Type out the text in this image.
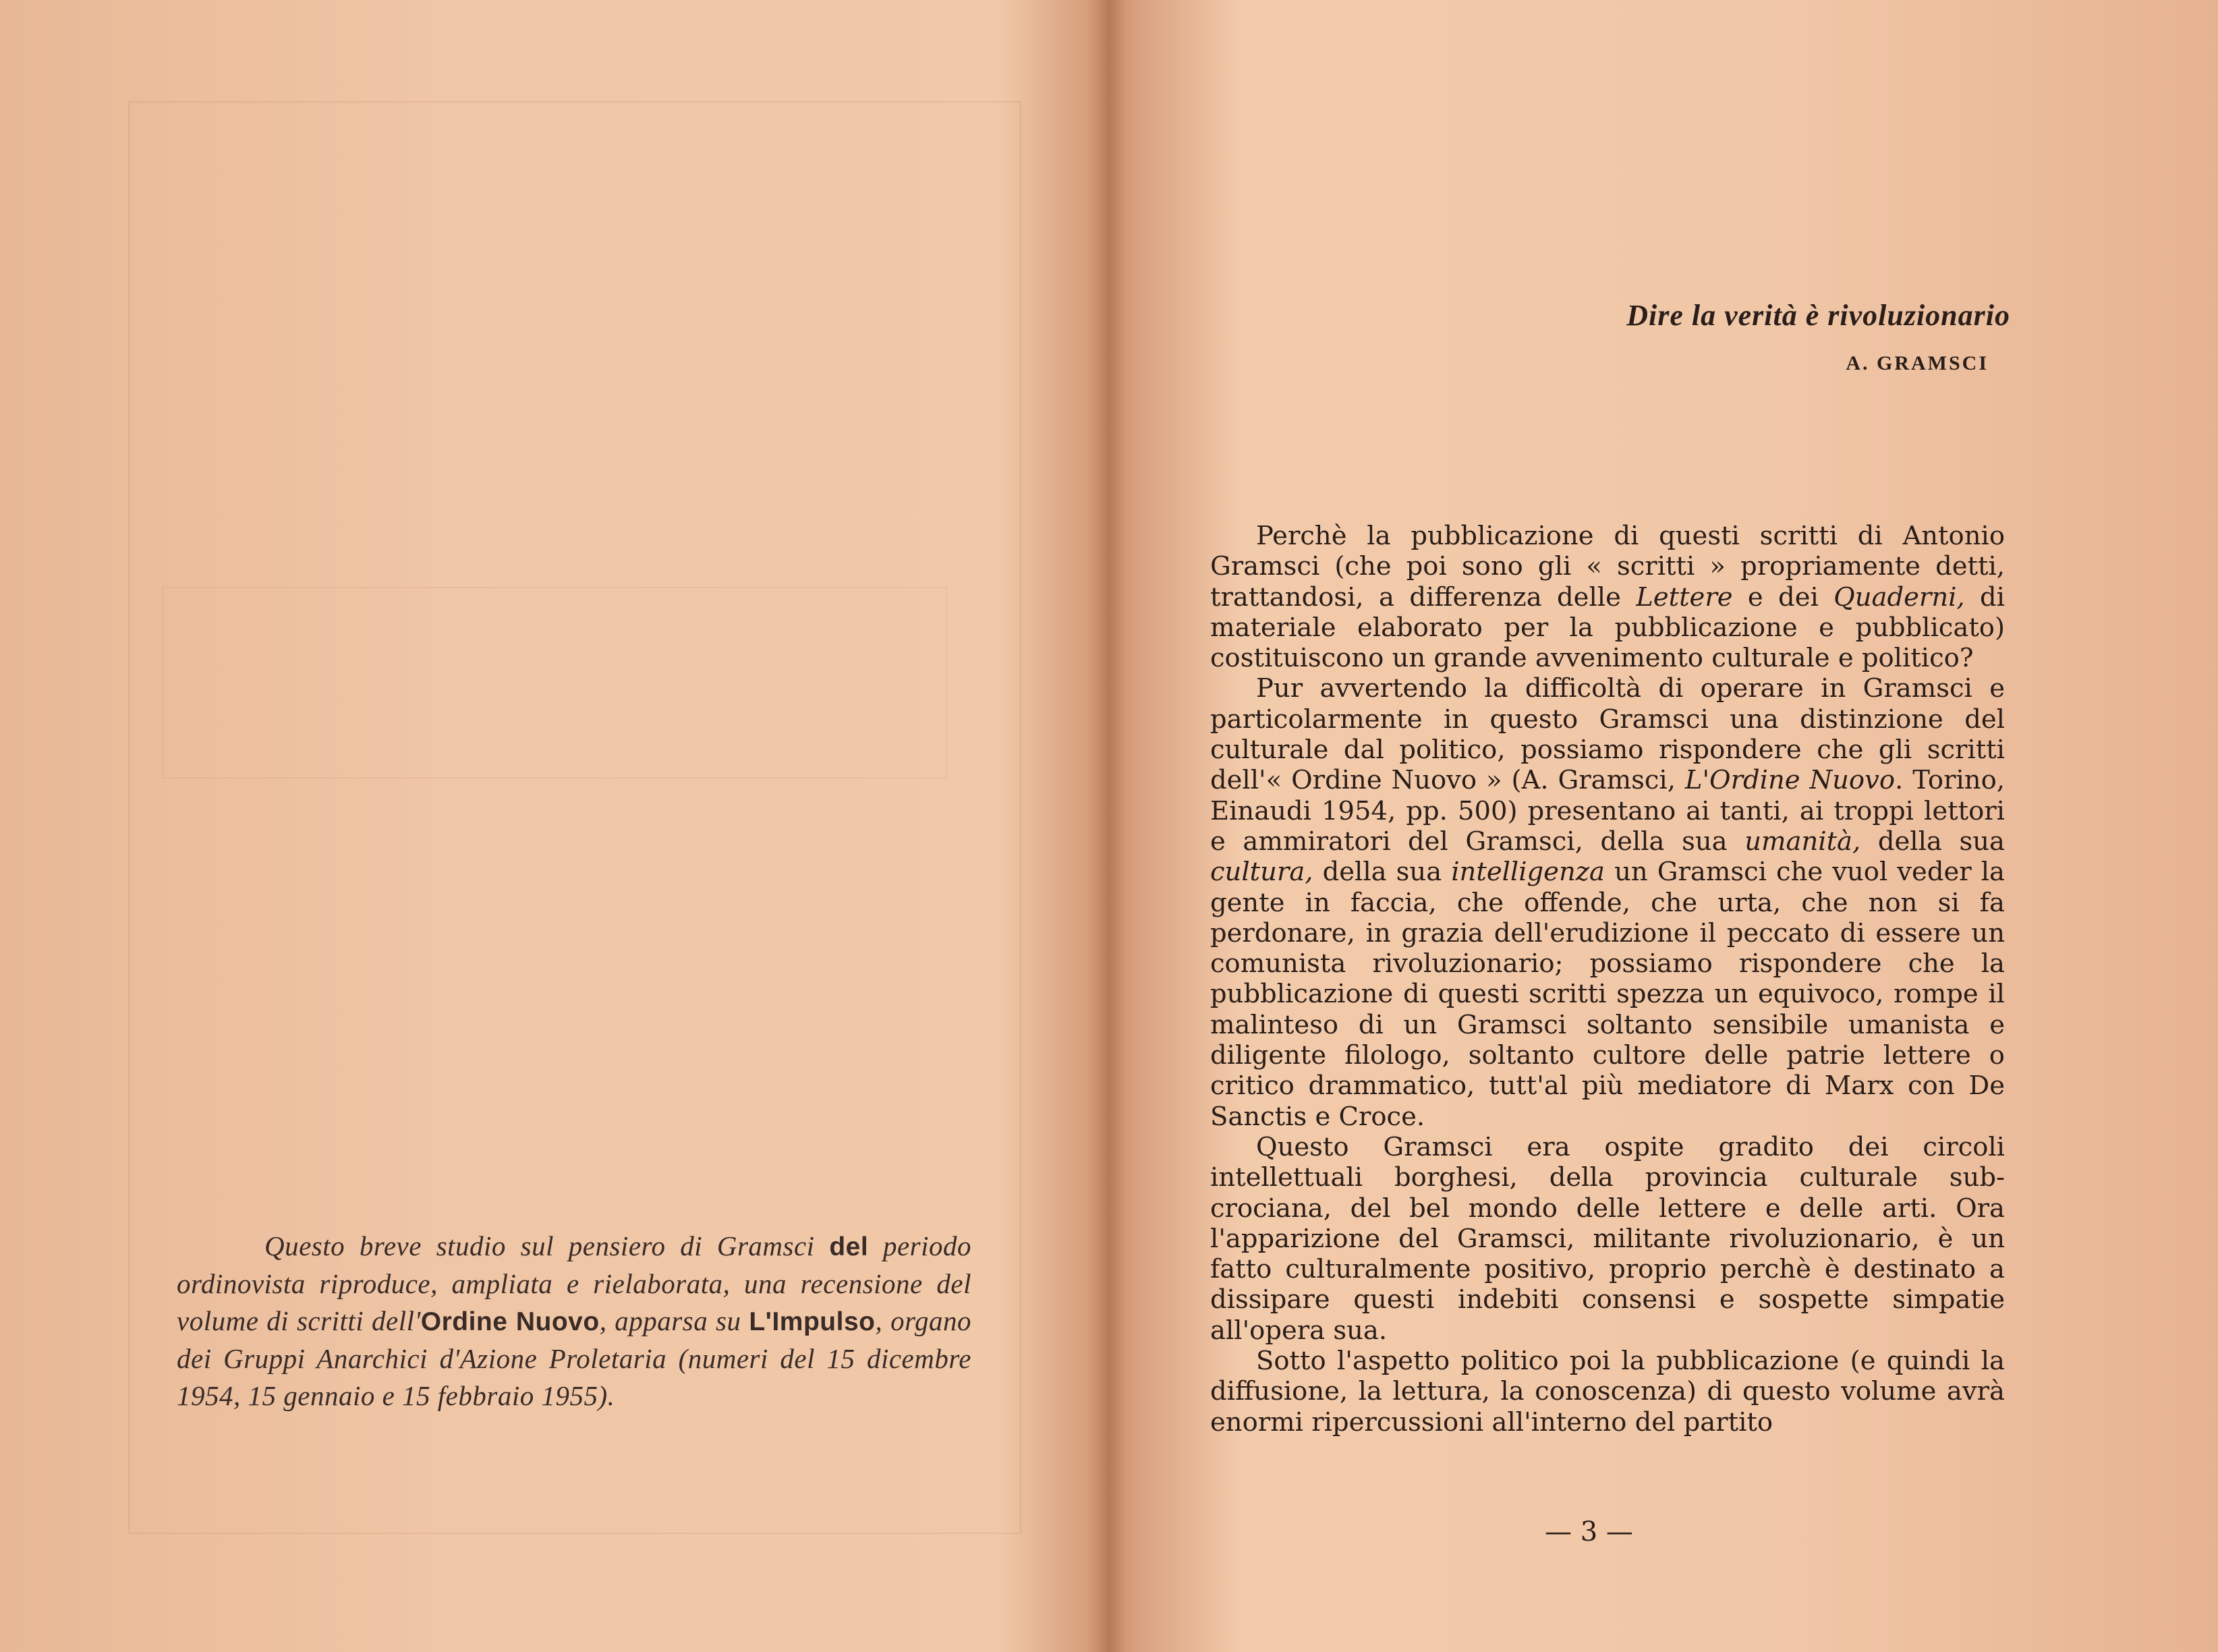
Questo breve studio sul pensiero di Gramsci del periodo ordinovista riproduce, ampliata e rielaborata, una recensione del volume di scritti dell'Ordine Nuovo, apparsa su L'Impulso, organo dei Gruppi Anarchici d'Azione Proletaria (numeri del 15 dicembre 1954, 15 gennaio e 15 febbraio 1955).
Dire la verità è rivoluzionario
A. GRAMSCI

Perchè la pubblicazione di questi scritti di Antonio Gramsci (che poi sono gli « scritti » propriamente detti, trattandosi, a differenza delle Lettere e dei Quaderni, di materiale elaborato per la pubblicazione e pubblicato) costituiscono un grande avvenimento culturale e politico?

Pur avvertendo la difficoltà di operare in Gramsci e particolarmente in questo Gramsci una distinzione del culturale dal politico, possiamo rispondere che gli scritti dell'« Ordine Nuovo » (A. Gramsci, L'Ordine Nuovo. Torino, Einaudi 1954, pp. 500) presentano ai tanti, ai troppi lettori e ammiratori del Gramsci, della sua umanità, della sua cultura, della sua intelligenza un Gramsci che vuol veder la gente in faccia, che offende, che urta, che non si fa perdonare, in grazia dell'erudizione il peccato di essere un comunista rivoluzionario; possiamo rispondere che la pubblicazione di questi scritti spezza un equivoco, rompe il malinteso di un Gramsci soltanto sensibile umanista e diligente filologo, soltanto cultore delle patrie lettere o critico drammatico, tutt'al più mediatore di Marx con De Sanctis e Croce.

Questo Gramsci era ospite gradito dei circoli intellettuali borghesi, della provincia culturale sub-crociana, del bel mondo delle lettere e delle arti. Ora l'apparizione del Gramsci, militante rivoluzionario, è un fatto culturalmente positivo, proprio perchè è destinato a dissipare questi indebiti consensi e sospette simpatie all'opera sua.

Sotto l'aspetto politico poi la pubblicazione (e quindi la diffusione, la lettura, la conoscenza) di questo volume avrà enormi ripercussioni all'interno del partito

— 3 —
